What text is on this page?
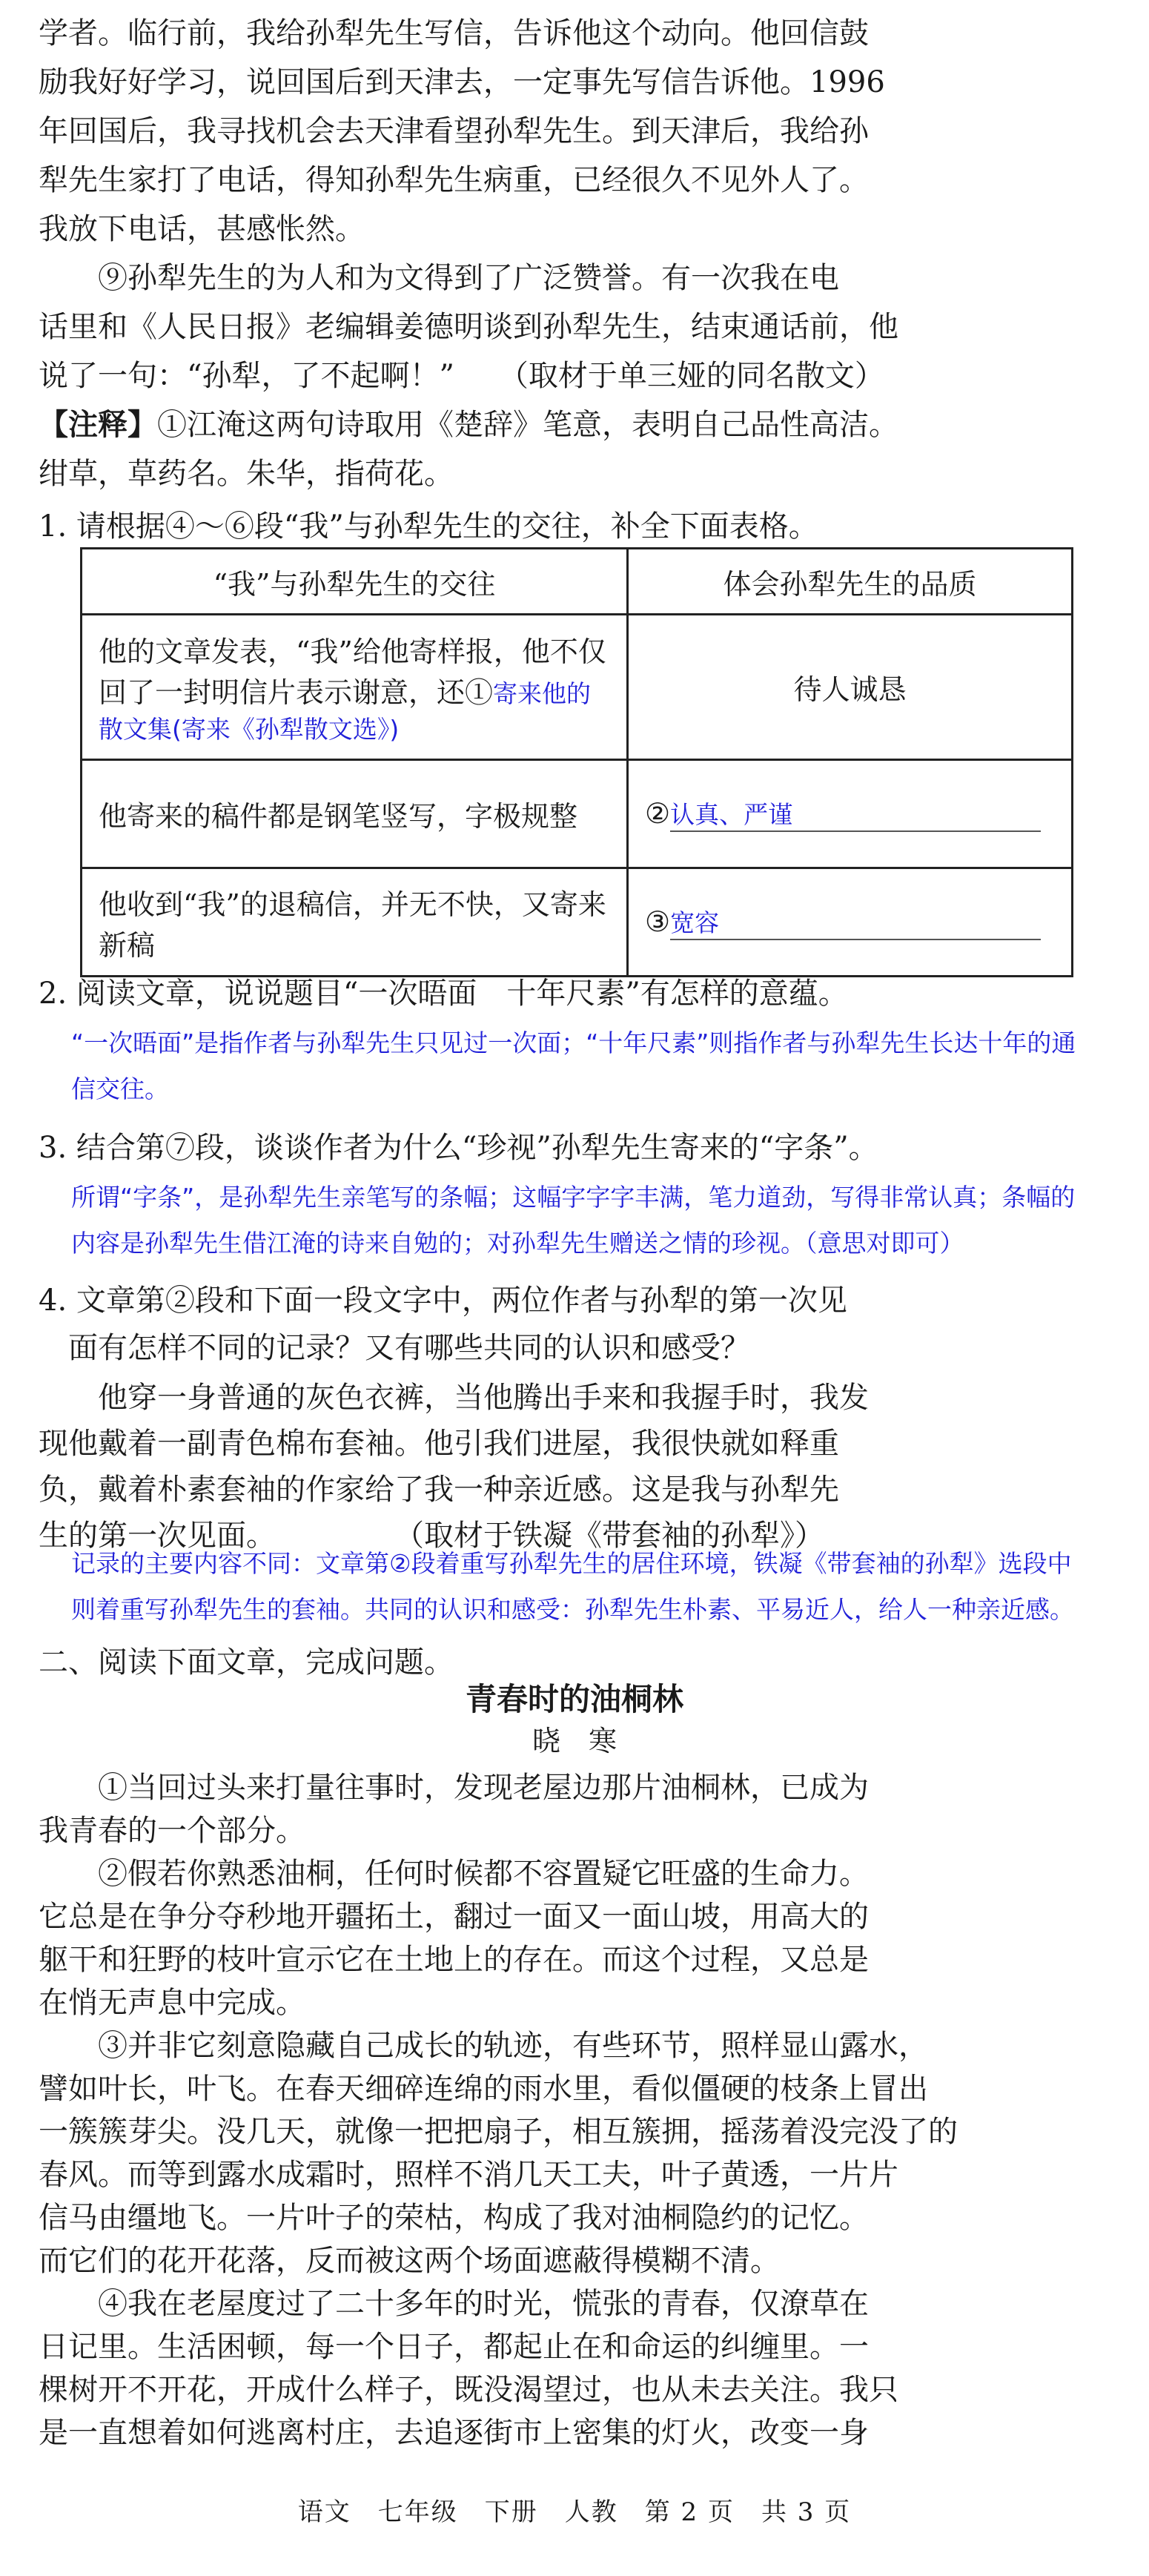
学者。临行前，我给孙犁先生写信，告诉他这个动向。他回信鼓
励我好好学习，说回国后到天津去，一定事先写信告诉他。1996
年回国后，我寻找机会去天津看望孙犁先生。到天津后，我给孙
犁先生家打了电话，得知孙犁先生病重，已经很久不见外人了。
我放下电话，甚感怅然。
　　⑨孙犁先生的为人和为文得到了广泛赞誉。有一次我在电
话里和《人民日报》老编辑姜德明谈到孙犁先生，结束通话前，他
说了一句：“孙犁，了不起啊！”　　（取材于单三娅的同名散文）
【注释】①江淹这两句诗取用《楚辞》笔意，表明自己品性高洁。
绀草，草药名。朱华，指荷花。
1. 请根据④～⑥段“我”与孙犁先生的交往，补全下面表格。
“我”与孙犁先生的交往	体会孙犁先生的品质
他的文章发表，“我”给他寄样报，他不仅回了一封明信片表示谢意，还①寄来他的散文集(寄来《孙犁散文选》)	待人诚恳
他寄来的稿件都是钢笔竖写，字极规整	②认真、严谨
他收到“我”的退稿信，并无不快，又寄来新稿	③宽容
2. 阅读文章，说说题目“一次晤面　十年尺素”有怎样的意蕴。
“一次晤面”是指作者与孙犁先生只见过一次面；“十年尺素”则指作者与孙犁先生长达十年的通信交往。
3. 结合第⑦段，谈谈作者为什么“珍视”孙犁先生寄来的“字条”。
所谓“字条”，是孙犁先生亲笔写的条幅；这幅字字字丰满，笔力道劲，写得非常认真；条幅的内容是孙犁先生借江淹的诗来自勉的；对孙犁先生赠送之情的珍视。（意思对即可）
4. 文章第②段和下面一段文字中，两位作者与孙犁的第一次见
　面有怎样不同的记录？又有哪些共同的认识和感受？
　　他穿一身普通的灰色衣裤，当他腾出手来和我握手时，我发
现他戴着一副青色棉布套袖。他引我们进屋，我很快就如释重
负，戴着朴素套袖的作家给了我一种亲近感。这是我与孙犁先
生的第一次见面。　　　　　（取材于铁凝《带套袖的孙犁》）
记录的主要内容不同：文章第②段着重写孙犁先生的居住环境，铁凝《带套袖的孙犁》选段中则着重写孙犁先生的套袖。共同的认识和感受：孙犁先生朴素、平易近人，给人一种亲近感。
二、阅读下面文章，完成问题。
青春时的油桐林
晓　寒
　　①当回过头来打量往事时，发现老屋边那片油桐林，已成为
我青春的一个部分。
　　②假若你熟悉油桐，任何时候都不容置疑它旺盛的生命力。
它总是在争分夺秒地开疆拓土，翻过一面又一面山坡，用高大的
躯干和狂野的枝叶宣示它在土地上的存在。而这个过程，又总是
在悄无声息中完成。
　　③并非它刻意隐藏自己成长的轨迹，有些环节，照样显山露水，
譬如叶长，叶飞。在春天细碎连绵的雨水里，看似僵硬的枝条上冒出
一簇簇芽尖。没几天，就像一把把扇子，相互簇拥，摇荡着没完没了的
春风。而等到露水成霜时，照样不消几天工夫，叶子黄透，一片片
信马由缰地飞。一片叶子的荣枯，构成了我对油桐隐约的记忆。
而它们的花开花落，反而被这两个场面遮蔽得模糊不清。
　　④我在老屋度过了二十多年的时光，慌张的青春，仅潦草在
日记里。生活困顿，每一个日子，都起止在和命运的纠缠里。一
棵树开不开花，开成什么样子，既没渴望过，也从未去关注。我只
是一直想着如何逃离村庄，去追逐街市上密集的灯火，改变一身
语文　七年级　下册　人教　第 2 页　共 3 页
